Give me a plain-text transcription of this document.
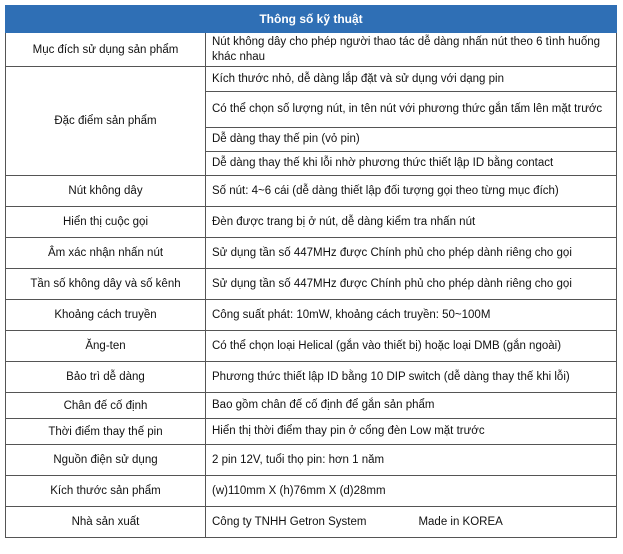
Thông số kỹ thuật	
Mục đích sử dụng sản phẩm	Nút không dây cho phép người thao tác dễ dàng nhấn nút theo 6 tình huống khác nhau
Đặc điểm sản phẩm	Kích thước nhỏ, dễ dàng lắp đặt và sử dụng với dạng pin
	Có thể chọn số lượng nút, in tên nút với phương thức gắn tấm lên mặt trước
	Dễ dàng thay thế pin (vỏ pin)
	Dễ dàng thay thế khi lỗi nhờ phương thức thiết lập ID bằng contact
Nút không dây	Số nút: 4~6 cái (dễ dàng thiết lập đối tượng gọi theo từng mục đích)
Hiển thị cuộc gọi	Đèn được trang bị ở nút, dễ dàng kiểm tra nhấn nút
Âm xác nhận nhấn nút	Sử dụng tần số 447MHz được Chính phủ cho phép dành riêng cho gọi
Tần số không dây và số kênh	Sử dụng tần số 447MHz được Chính phủ cho phép dành riêng cho gọi
Khoảng cách truyền	Công suất phát: 10mW, khoảng cách truyền: 50~100M
Ăng-ten	Có thể chọn loại Helical (gắn vào thiết bị) hoặc loại DMB (gắn ngoài)
Bảo trì dễ dàng	Phương thức thiết lập ID bằng 10 DIP switch (dễ dàng thay thế khi lỗi)
Chân đế cố định	Bao gồm chân đế cố định để gắn sản phẩm
Thời điểm thay thế pin	Hiển thị thời điểm thay pin ở cổng đèn Low mặt trước
Nguồn điện sử dụng	2 pin 12V, tuổi thọ pin: hơn 1 năm
Kích thước sản phẩm	(w)110mm X (h)76mm X (d)28mm
Nhà sản xuất	Công ty TNHH Getron System Made in KOREA
